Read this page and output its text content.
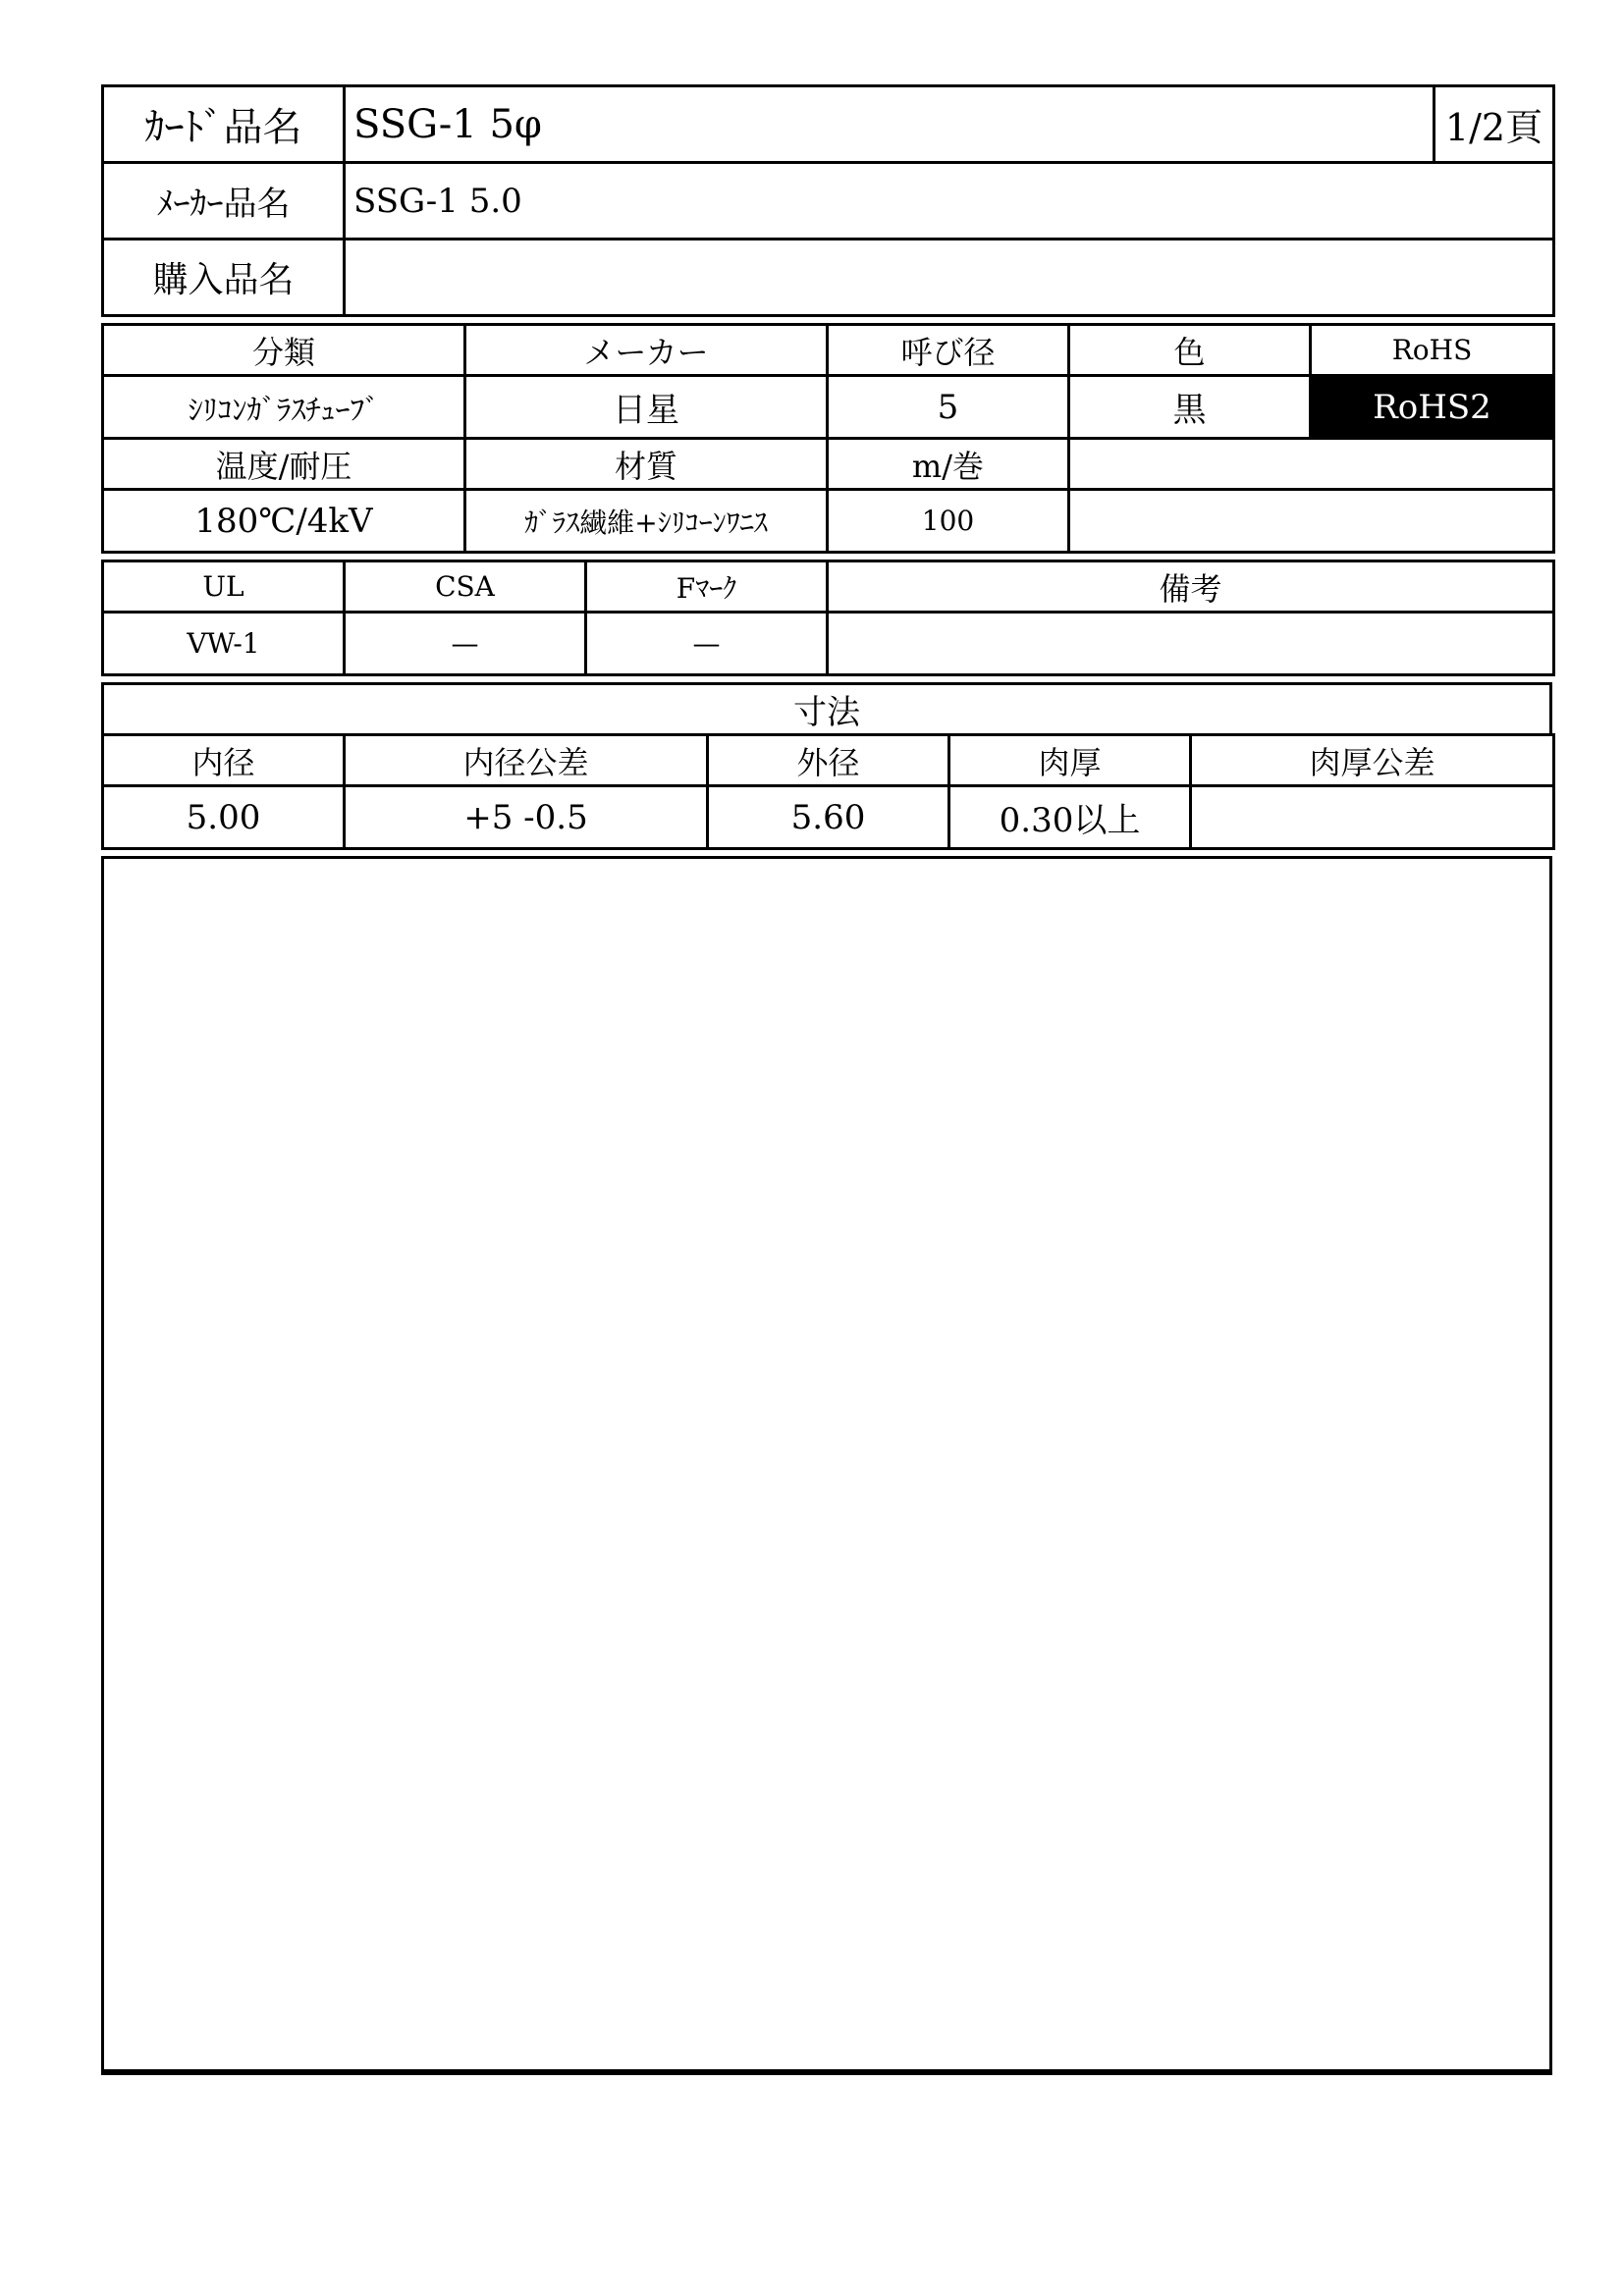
ｶｰﾄﾞ品名	SSG-1 5φ	1/2頁
ﾒｰｶｰ品名	SSG-1 5.0	
購入品名		
分類	メーカー	呼び径	色	RoHS
ｼﾘｺﾝｶﾞﾗｽﾁｭｰﾌﾞ	日星	5	黒	RoHS2
温度/耐圧	材質	m/巻	
180℃/4kV	ｶﾞﾗｽ繊維+ｼﾘｺｰﾝﾜﾆｽ	100	
UL	CSA	Fﾏｰｸ	備考
VW-1	—	—	
寸法
内径	内径公差	外径	肉厚	肉厚公差
5.00	+5 -0.5	5.60	0.30以上	
